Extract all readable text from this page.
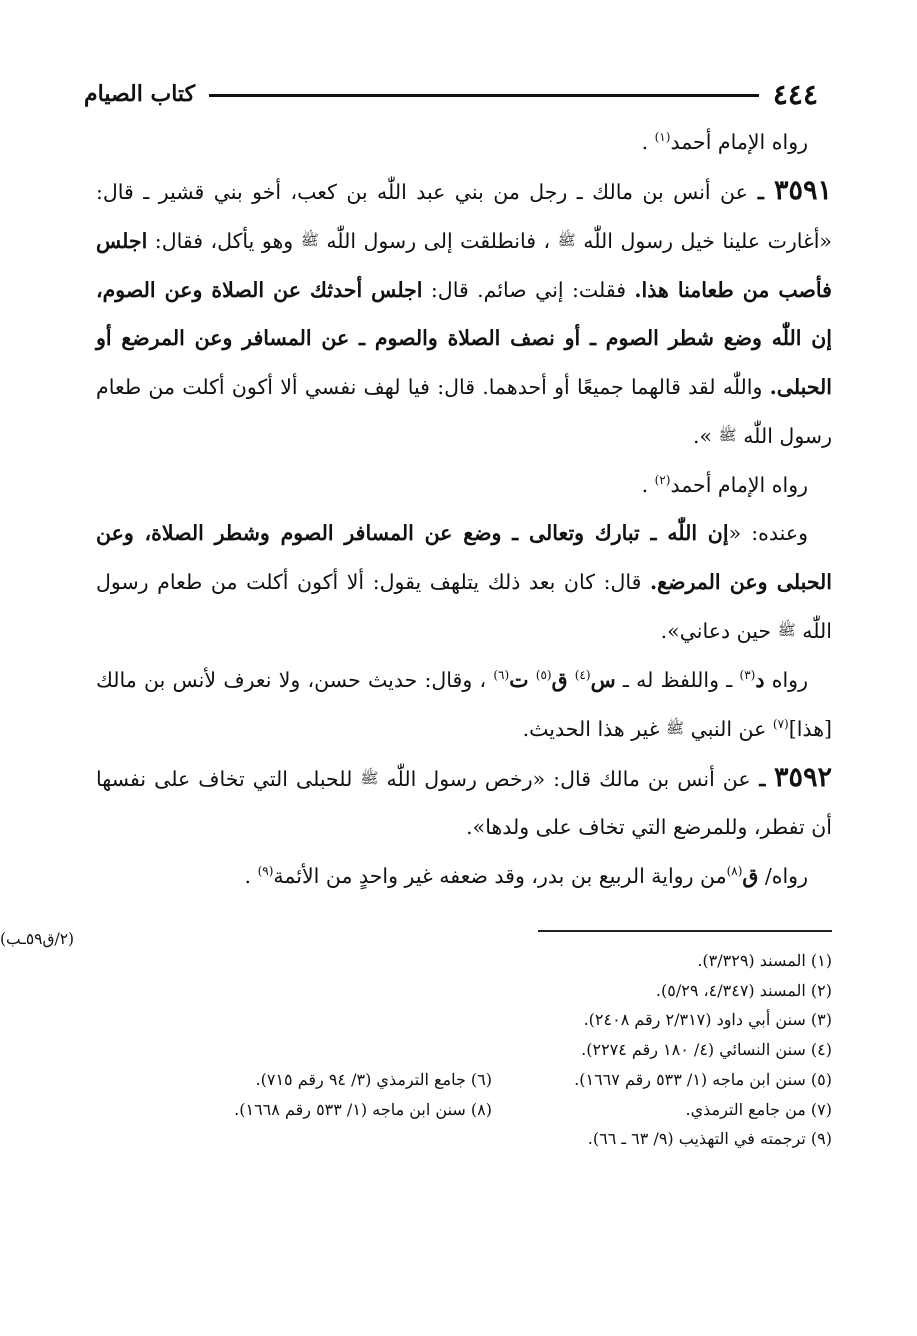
٤٤٤
كتاب الصيام

رواه الإمام أحمد$^{(١)}$ .

٣٥٩١ ـ عن أنس بن مالك ـ رجل من بني عبد اللّٰه بن كعب، أخو بني قشير ـ قال: «أغارت علينا خيل رسول اللّٰه ﷺ ، فانطلقت إلى رسول اللّٰه ﷺ وهو يأكل، فقال: اجلس فأصب من طعامنا هذا. فقلت: إني صائم. قال: اجلس أحدثك عن الصلاة وعن الصوم، إن اللّٰه وضع شطر الصوم ـ أو نصف الصلاة والصوم ـ عن المسافر وعن المرضع أو الحبلى. واللّٰه لقد قالهما جميعًا أو أحدهما. قال: فيا لهف نفسي ألا أكون أكلت من طعام رسول اللّٰه ﷺ ».

رواه الإمام أحمد$^{(٢)}$ .

وعنده: «إن اللّٰه ـ تبارك وتعالى ـ وضع عن المسافر الصوم وشطر الصلاة، وعن الحبلى وعن المرضع. قال: كان بعد ذلك يتلهف يقول: ألا أكون أكلت من طعام رسول اللّٰه ﷺ حين دعاني».

رواه د$^{(٣)}$ ـ واللفظ له ـ س$^{(٤)}$ ق$^{(٥)}$ ت$^{(٦)}$ ، وقال: حديث حسن، ولا نعرف لأنس بن مالك [هذا]$^{(٧)}$ عن النبي ﷺ غير هذا الحديث.

٣٥٩٢ ـ عن أنس بن مالك قال: «رخص رسول اللّٰه ﷺ للحبلى التي تخاف على نفسها أن تفطر، وللمرضع التي تخاف على ولدها».

رواه/ ق$^{(٨)}$من رواية الربيع بن بدر، وقد ضعفه غير واحدٍ من الأئمة$^{(٩)}$ .

(٢/ق٥٩ـب)
(١) المسند (٣/٣٢٩).
(٢) المسند (٤/٣٤٧، ٥/٢٩).
(٣) سنن أبي داود (٢/٣١٧ رقم ٢٤٠٨).
(٤) سنن النسائي (٤/ ١٨٠ رقم ٢٢٧٤).
(٥) سنن ابن ماجه (١/ ٥٣٣ رقم ١٦٦٧).
(٦) جامع الترمذي (٣/ ٩٤ رقم ٧١٥).
(٧) من جامع الترمذي.
(٨) سنن ابن ماجه (١/ ٥٣٣ رقم ١٦٦٨).
(٩) ترجمته في التهذيب (٩/ ٦٣ ـ ٦٦).
